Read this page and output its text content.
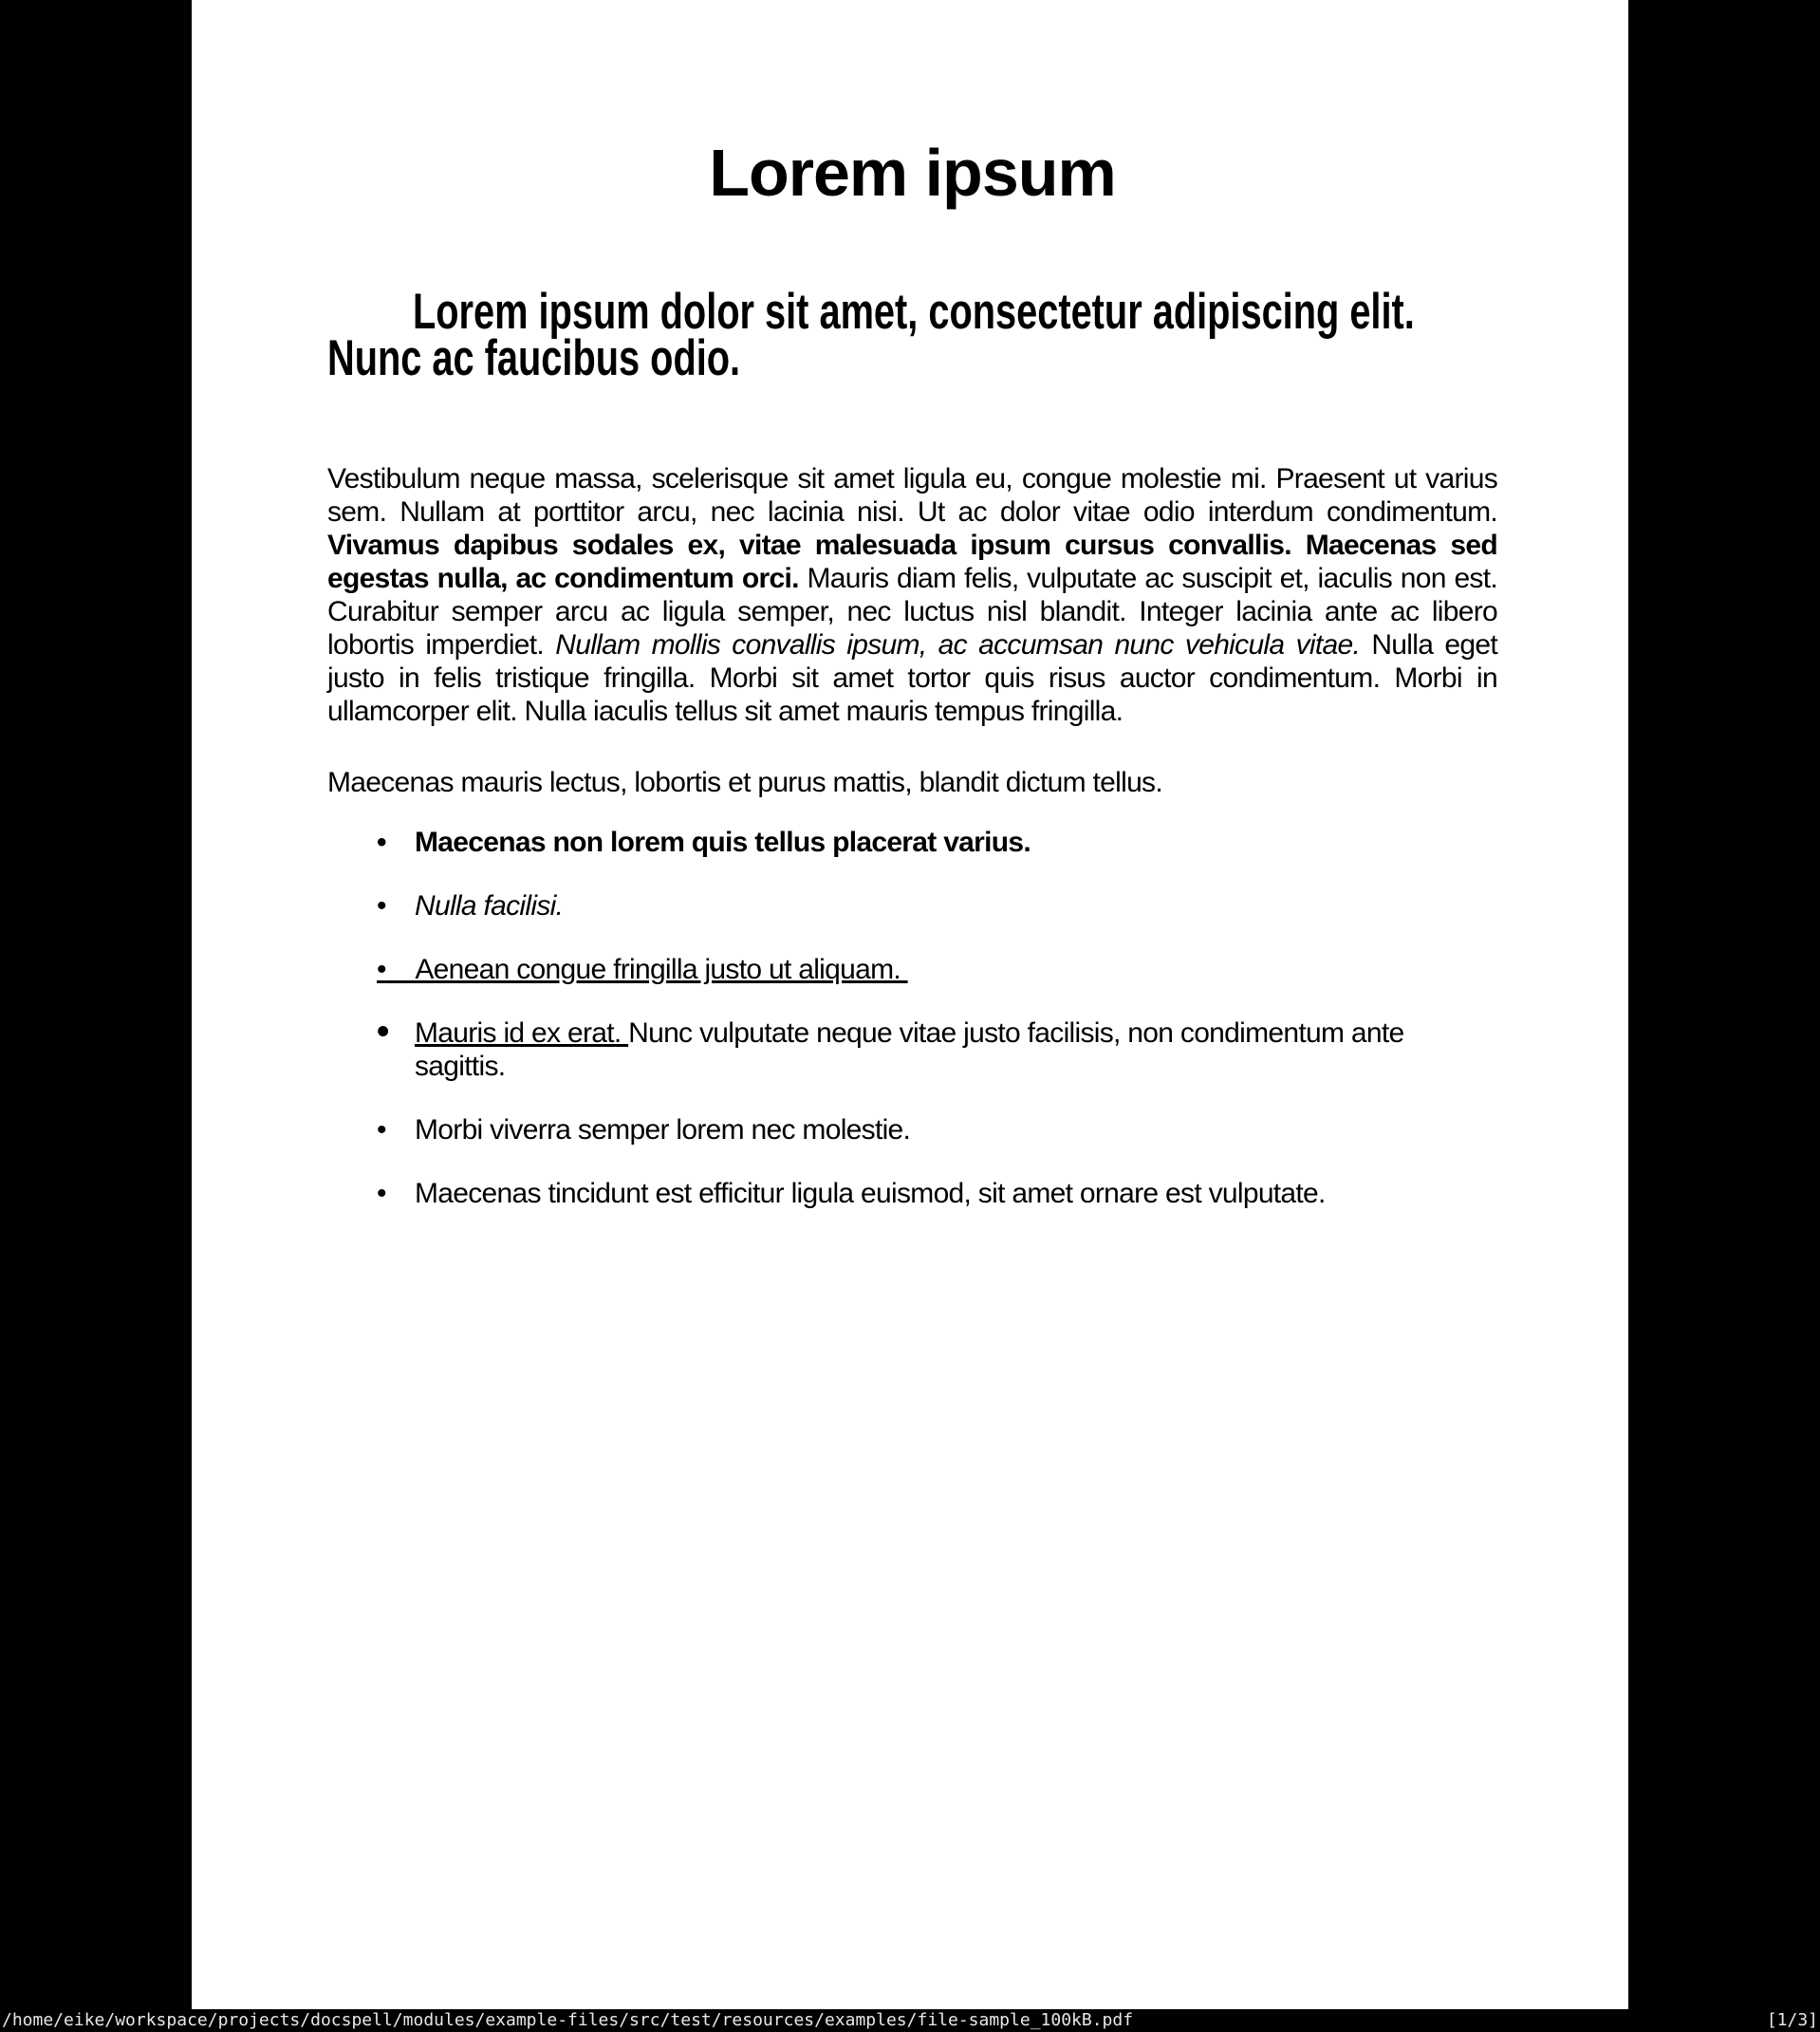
Lorem ipsum
Lorem ipsum dolor sit amet, consectetur adipiscing elit. Nunc ac faucibus odio.

Vestibulum neque massa, scelerisque sit amet ligula eu, congue molestie mi. Praesent ut varius sem. Nullam at porttitor arcu, nec lacinia nisi. Ut ac dolor vitae odio interdum condimentum. Vivamus dapibus sodales ex, vitae malesuada ipsum cursus convallis. Maecenas sed egestas nulla, ac condimentum orci. Mauris diam felis, vulputate ac suscipit et, iaculis non est. Curabitur semper arcu ac ligula semper, nec luctus nisl blandit. Integer lacinia ante ac libero lobortis imperdiet. Nullam mollis convallis ipsum, ac accumsan nunc vehicula vitae. Nulla eget justo in felis tristique fringilla. Morbi sit amet tortor quis risus auctor condimentum. Morbi in ullamcorper elit. Nulla iaculis tellus sit amet mauris tempus fringilla.

Maecenas mauris lectus, lobortis et purus mattis, blandit dictum tellus.

• Maecenas non lorem quis tellus placerat varius.
• Nulla facilisi.
•    Aenean congue fringilla justo ut aliquam.
• Mauris id ex erat. Nunc vulputate neque vitae justo facilisis, non condimentum ante sagittis.
• Morbi viverra semper lorem nec molestie.
• Maecenas tincidunt est efficitur ligula euismod, sit amet ornare est vulputate.
/home/eike/workspace/projects/docspell/modules/example-files/src/test/resources/examples/file-sample_100kB.pdf	[1/3]
